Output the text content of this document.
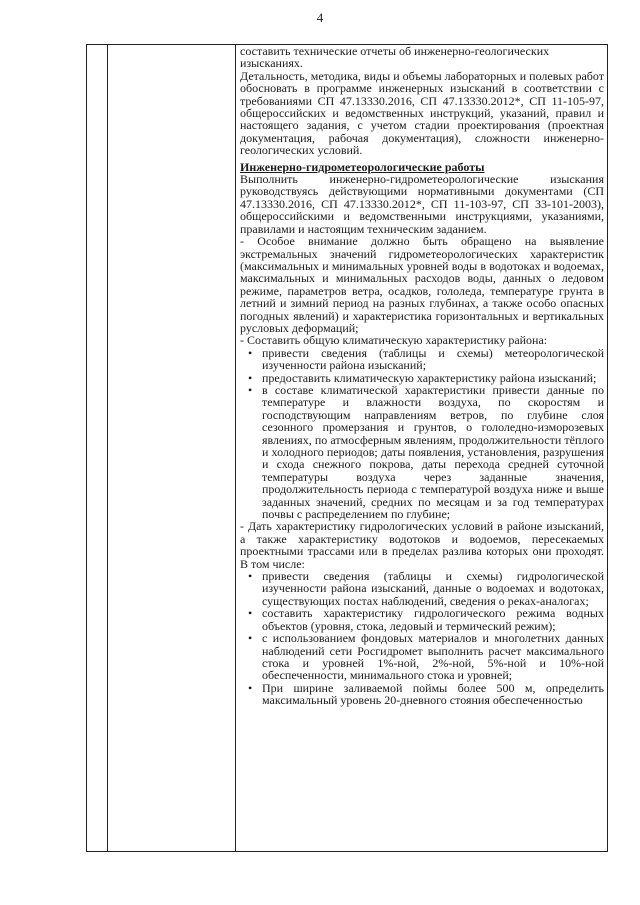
4

составить технические отчеты об инженерно-геологических изысканиях.

Детальность, методика, виды и объемы лабораторных и полевых работ обосновать в программе инженерных изысканий в соответствии с требованиями СП 47.13330.2016, СП 47.13330.2012*, СП 11-105-97, общероссийских и ведомственных инструкций, указаний, правил и настоящего задания, с учетом стадии проектирования (проектная документация, рабочая документация), сложности инженерно-геологических условий.

Инженерно-гидрометеорологические работы

Выполнить инженерно-гидрометеорологические изыскания руководствуясь действующими нормативными документами (СП 47.13330.2016, СП 47.13330.2012*, СП 11-103-97, СП 33-101-2003), общероссийскими и ведомственными инструкциями, указаниями, правилами и настоящим техническим заданием.

- Особое внимание должно быть обращено на выявление экстремальных значений гидрометеорологических характеристик (максимальных и минимальных уровней воды в водотоках и водоемах, максимальных и минимальных расходов воды, данных о ледовом режиме, параметров ветра, осадков, гололеда, температуре грунта в летний и зимний период на разных глубинах, а также особо опасных погодных явлений) и характеристика горизонтальных и вертикальных русловых деформаций;

- Составить общую климатическую характеристику района:

• привести сведения (таблицы и схемы) метеорологической изученности района изысканий;
• предоставить климатическую характеристику района изысканий;
• в составе климатической характеристики привести данные по температуре и влажности воздуха, по скоростям и господствующим направлениям ветров, по глубине слоя сезонного промерзания и грунтов, о гололедно-изморозевых явлениях, по атмосферным явлениям, продолжительности тёплого и холодного периодов; даты появления, установления, разрушения и схода снежного покрова, даты перехода средней суточной температуры воздуха через заданные значения, продолжительность периода с температурой воздуха ниже и выше заданных значений, средних по месяцам и за год температурах почвы с распределением по глубине;

- Дать характеристику гидрологических условий в районе изысканий, а также характеристику водотоков и водоемов, пересекаемых проектными трассами или в пределах разлива которых они проходят. В том числе:

• привести сведения (таблицы и схемы) гидрологической изученности района изысканий, данные о водоемах и водотоках, существующих постах наблюдений, сведения о реках-аналогах;
• составить характеристику гидрологического режима водных объектов (уровня, стока, ледовый и термический режим);
• с использованием фондовых материалов и многолетних данных наблюдений сети Росгидромет выполнить расчет максимального стока и уровней 1%-ной, 2%-ной, 5%-ной и 10%-ной обеспеченности, минимального стока и уровней;
• При ширине заливаемой поймы более 500 м, определить максимальный уровень 20-дневного стояния обеспеченностью
